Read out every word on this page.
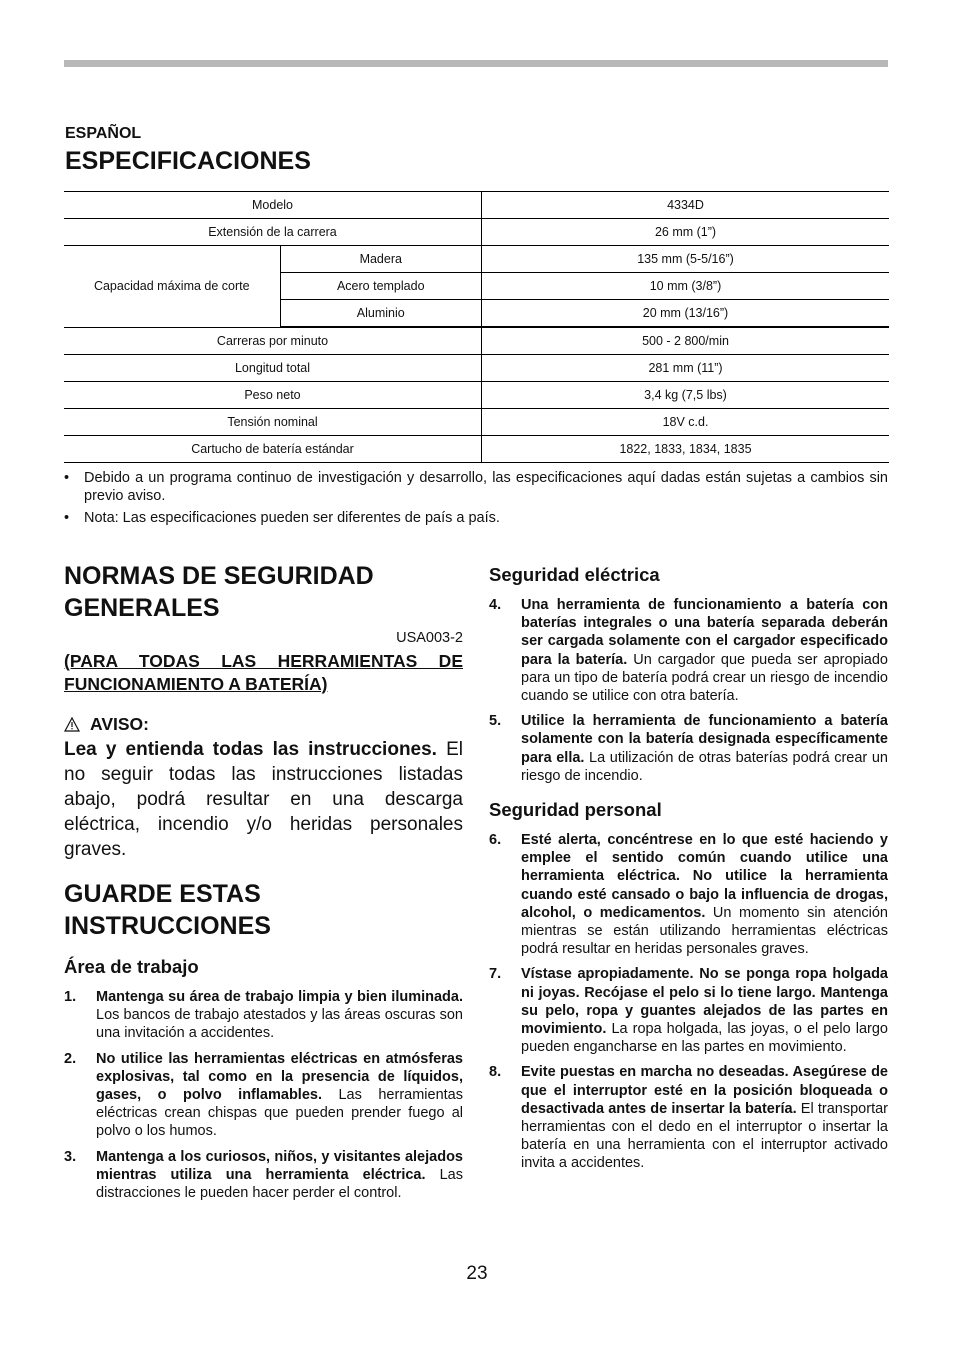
ESPAÑOL
ESPECIFICACIONES
Modelo		4334D
Extensión de la carrera		26 mm (1”)
Capacidad máxima de corte	Madera	135 mm (5-5/16”)
	Acero templado	10 mm (3/8”)
	Aluminio	20 mm (13/16”)
Carreras por minuto		500 - 2 800/min
Longitud total		281 mm (11”)
Peso neto		3,4 kg (7,5 lbs)
Tensión nominal		18V c.d.
Cartucho de batería estándar		1822, 1833, 1834, 1835
• Debido a un programa continuo de investigación y desarrollo, las especificaciones aquí dadas están sujetas a cambios sin previo aviso.
• Nota: Las especificaciones pueden ser diferentes de país a país.
NORMAS DE SEGURIDAD GENERALES
USA003-2
(PARA TODAS LAS HERRAMIENTAS DE FUNCIONAMIENTO A BATERÍA)
AVISO:
Lea y entienda todas las instrucciones. El no seguir todas las instrucciones listadas abajo, podrá resultar en una descarga eléctrica, incendio y/o heridas personales graves.
GUARDE ESTAS INSTRUCCIONES
Área de trabajo
1. Mantenga su área de trabajo limpia y bien iluminada. Los bancos de trabajo atestados y las áreas oscuras son una invitación a accidentes.
2. No utilice las herramientas eléctricas en atmósferas explosivas, tal como en la presencia de líquidos, gases, o polvo inflamables. Las herramientas eléctricas crean chispas que pueden prender fuego al polvo o los humos.
3. Mantenga a los curiosos, niños, y visitantes alejados mientras utiliza una herramienta eléctrica. Las distracciones le pueden hacer perder el control.
Seguridad eléctrica
4. Una herramienta de funcionamiento a batería con baterías integrales o una batería separada deberán ser cargada solamente con el cargador especificado para la batería. Un cargador que pueda ser apropiado para un tipo de batería podrá crear un riesgo de incendio cuando se utilice con otra batería.
5. Utilice la herramienta de funcionamiento a batería solamente con la batería designada específicamente para ella. La utilización de otras baterías podrá crear un riesgo de incendio.
Seguridad personal
6. Esté alerta, concéntrese en lo que esté haciendo y emplee el sentido común cuando utilice una herramienta eléctrica. No utilice la herramienta cuando esté cansado o bajo la influencia de drogas, alcohol, o medicamentos. Un momento sin atención mientras se están utilizando herramientas eléctricas podrá resultar en heridas personales graves.
7. Vístase apropiadamente. No se ponga ropa holgada ni joyas. Recójase el pelo si lo tiene largo. Mantenga su pelo, ropa y guantes alejados de las partes en movimiento. La ropa holgada, las joyas, o el pelo largo pueden engancharse en las partes en movimiento.
8. Evite puestas en marcha no deseadas. Asegúrese de que el interruptor esté en la posición bloqueada o desactivada antes de insertar la batería. El transportar herramientas con el dedo en el interruptor o insertar la batería en una herramienta con el interruptor activado invita a accidentes.
23
